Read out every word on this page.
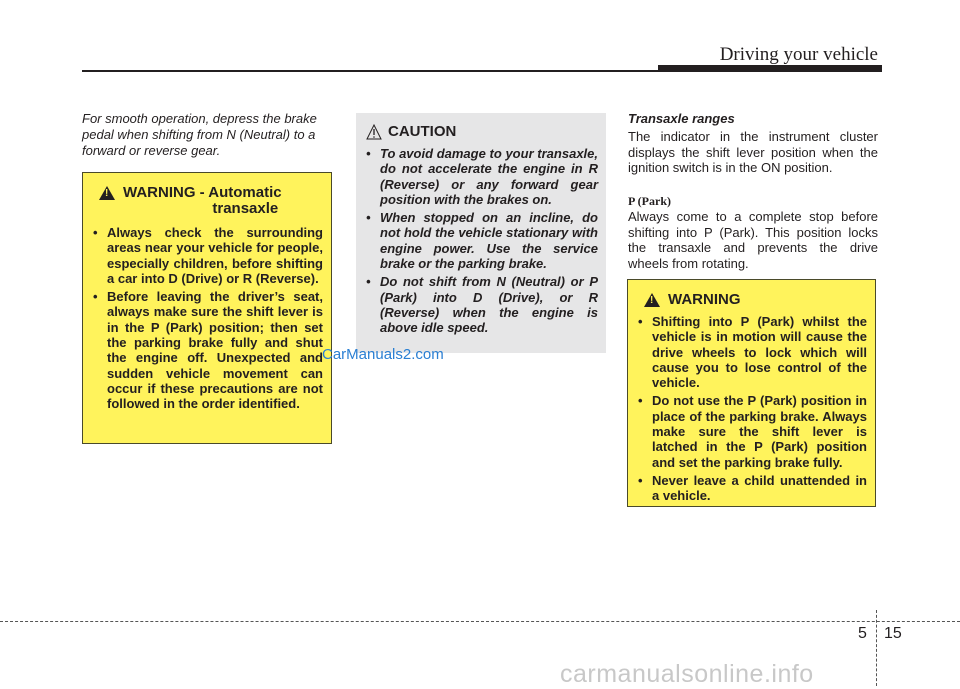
Driving your vehicle
For smooth operation, depress the brake pedal when shifting from N (Neutral) to a forward or reverse gear.
!
WARNING - Automatic
transaxle
• Always check the surrounding areas near your vehicle for people, especially children, before shifting a car into D (Drive) or R (Reverse).
• Before leaving the driver’s seat, always make sure the shift lever is in the P (Park) position; then set the parking brake fully and shut the engine off. Unexpected and sudden vehicle movement can occur if these precautions are not followed in the order identified.
CAUTION
• To avoid damage to your transaxle, do not accelerate the engine in R (Reverse) or any forward gear position with the brakes on.
• When stopped on an incline, do not hold the vehicle stationary with engine power. Use the service brake or the parking brake.
• Do not shift from N (Neutral) or P (Park) into D (Drive), or R (Reverse) when the engine is above idle speed.
CarManuals2.com
Transaxle ranges
The indicator in the instrument cluster displays the shift lever position when the ignition switch is in the ON position.
P (Park)
Always come to a complete stop before shifting into P (Park). This position locks the transaxle and prevents the drive wheels from rotating.
!
WARNING
• Shifting into P (Park) whilst the vehicle is in motion will cause the drive wheels to lock which will cause you to lose control of the vehicle.
• Do not use the P (Park) position in place of the parking brake. Always make sure the shift lever is latched in the P (Park) position and set the parking brake fully.
• Never leave a child unattended in a vehicle.
5 15
carmanualsonline.info
